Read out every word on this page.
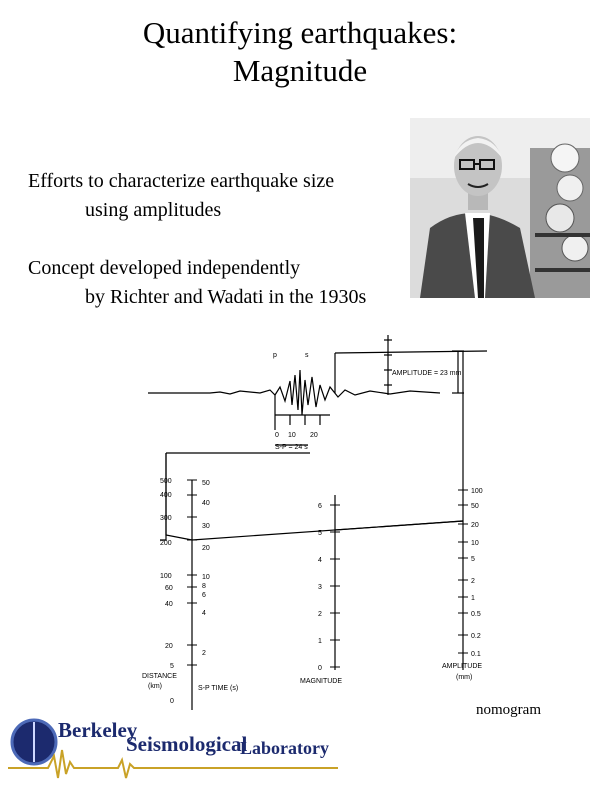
Quantifying earthquakes:
Magnitude
Efforts to characterize earthquake size
using amplitudes
Concept developed independently
by Richter and Wadati in the 1930s
p	s
AMPLITUDE = 23 mm
0 10 20
S-P = 24 s
500
400
300
200
100
60
40
20
5
0
50
40
30
20
10
8
6
4
2
6
5
4
3
2
1
0
100
50
20
10
5
2
1
0.5
0.2
0.1
DISTANCE
(km)	S-P TIME (s)
MAGNITUDE
AMPLITUDE
(mm)
nomogram
Berkeley
Seismological
Laboratory
